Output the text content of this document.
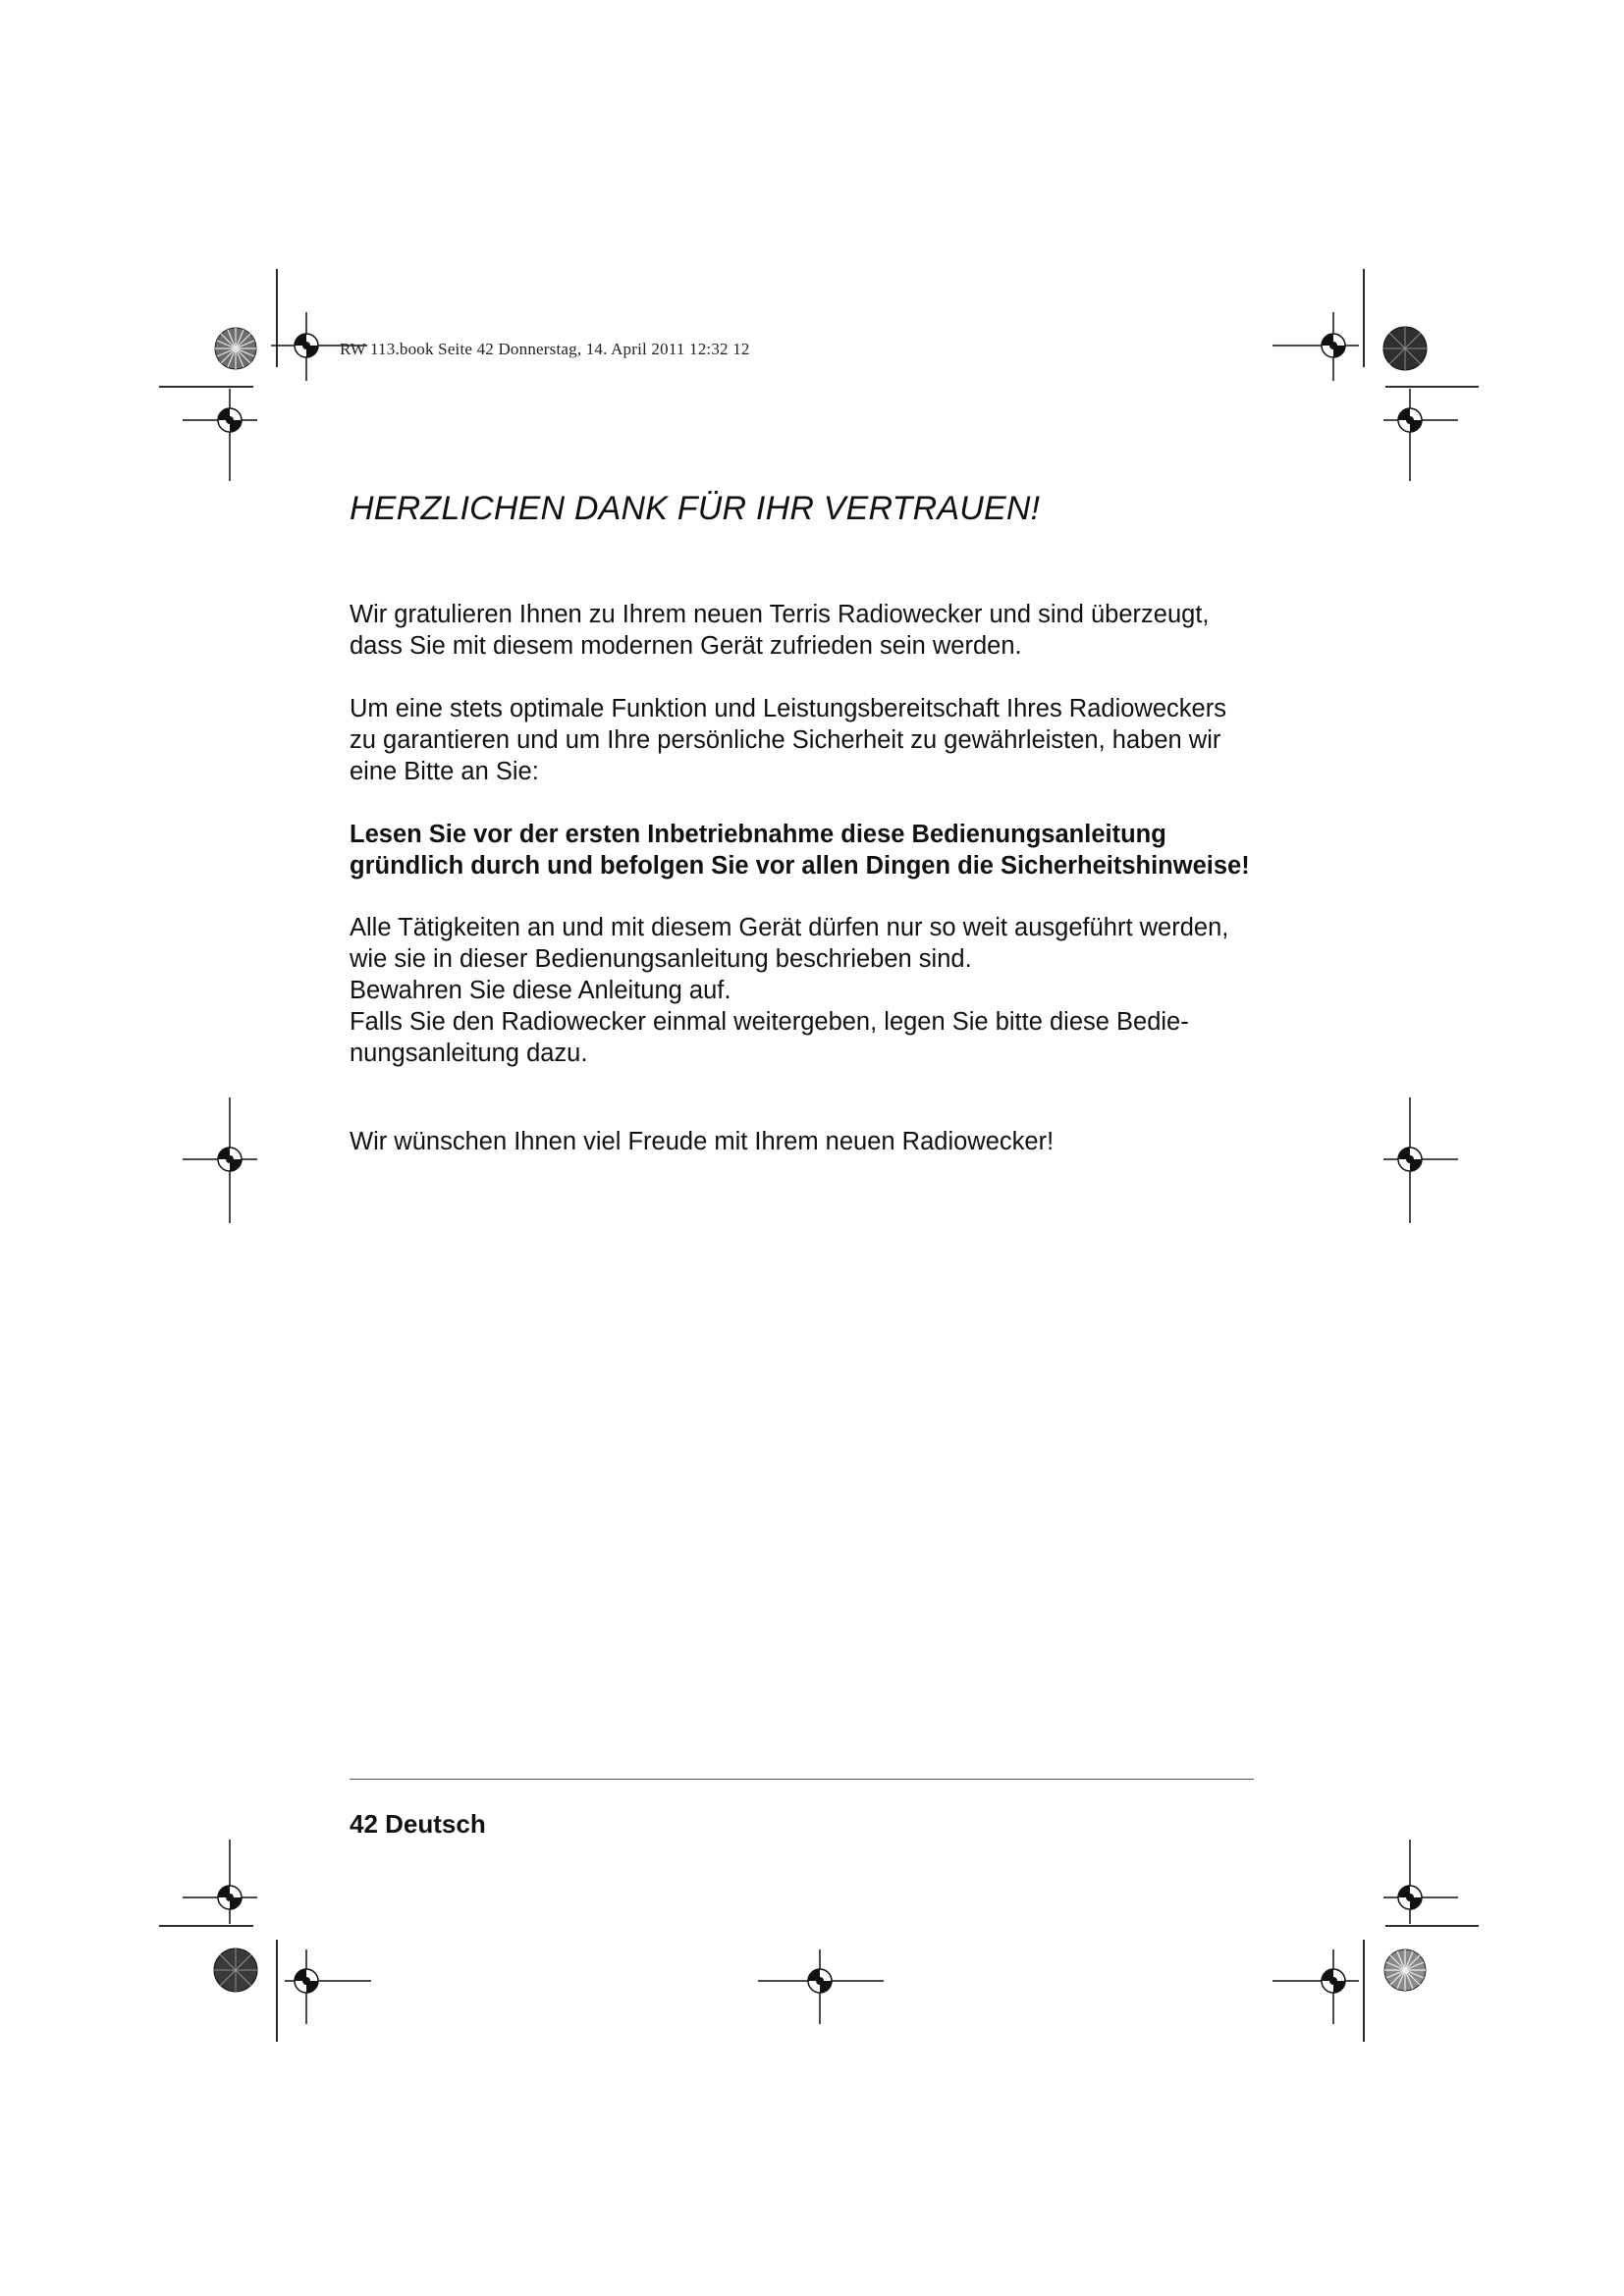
RW 113.book Seite 42 Donnerstag, 14. April 2011 12:32 12
HERZLICHEN DANK FÜR IHR VERTRAUEN!
Wir gratulieren Ihnen zu Ihrem neuen Terris Radiowecker und sind überzeugt,
dass Sie mit diesem modernen Gerät zufrieden sein werden.
Um eine stets optimale Funktion und Leistungsbereitschaft Ihres Radioweckers
zu garantieren und um Ihre persönliche Sicherheit zu gewährleisten, haben wir
eine Bitte an Sie:
Lesen Sie vor der ersten Inbetriebnahme diese Bedienungsanleitung
gründlich durch und befolgen Sie vor allen Dingen die Sicherheitshinweise!
Alle Tätigkeiten an und mit diesem Gerät dürfen nur so weit ausgeführt werden,
wie sie in dieser Bedienungsanleitung beschrieben sind.
Bewahren Sie diese Anleitung auf.
Falls Sie den Radiowecker einmal weitergeben, legen Sie bitte diese Bedie-
nungsanleitung dazu.
Wir wünschen Ihnen viel Freude mit Ihrem neuen Radiowecker!
42 Deutsch
